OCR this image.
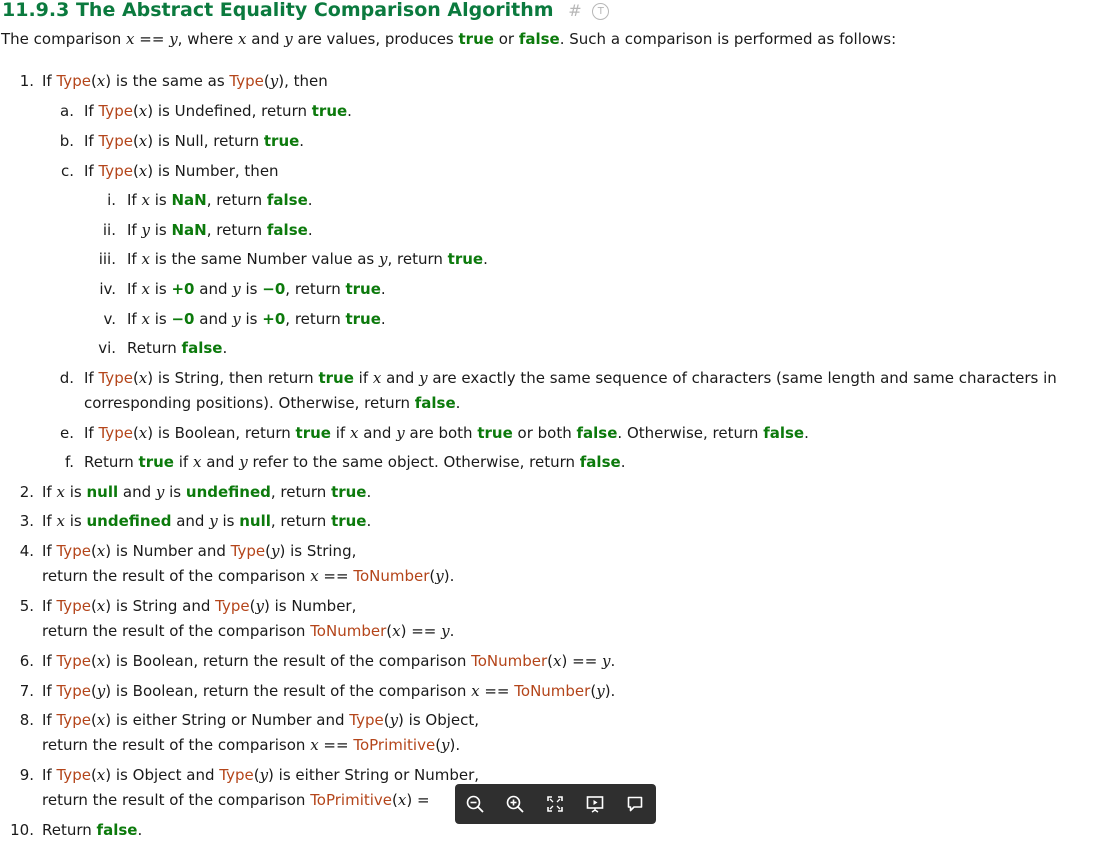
11.9.3 The Abstract Equality Comparison Algorithm # T
The comparison x == y, where x and y are values, produces true or false. Such a comparison is performed as follows:
1. If Type(x) is the same as Type(y), then
a. If Type(x) is Undefined, return true.
b. If Type(x) is Null, return true.
c. If Type(x) is Number, then
i. If x is NaN, return false.
ii. If y is NaN, return false.
iii. If x is the same Number value as y, return true.
iv. If x is +0 and y is −0, return true.
v. If x is −0 and y is +0, return true.
vi. Return false.
d. If Type(x) is String, then return true if x and y are exactly the same sequence of characters (same length and same characters in
corresponding positions). Otherwise, return false.
e. If Type(x) is Boolean, return true if x and y are both true or both false. Otherwise, return false.
f. Return true if x and y refer to the same object. Otherwise, return false.
2. If x is null and y is undefined, return true.
3. If x is undefined and y is null, return true.
4. If Type(x) is Number and Type(y) is String,
return the result of the comparison x == ToNumber(y).
5. If Type(x) is String and Type(y) is Number,
return the result of the comparison ToNumber(x) == y.
6. If Type(x) is Boolean, return the result of the comparison ToNumber(x) == y.
7. If Type(y) is Boolean, return the result of the comparison x == ToNumber(y).
8. If Type(x) is either String or Number and Type(y) is Object,
return the result of the comparison x == ToPrimitive(y).
9. If Type(x) is Object and Type(y) is either String or Number,
return the result of the comparison ToPrimitive(x) =
10. Return false.
